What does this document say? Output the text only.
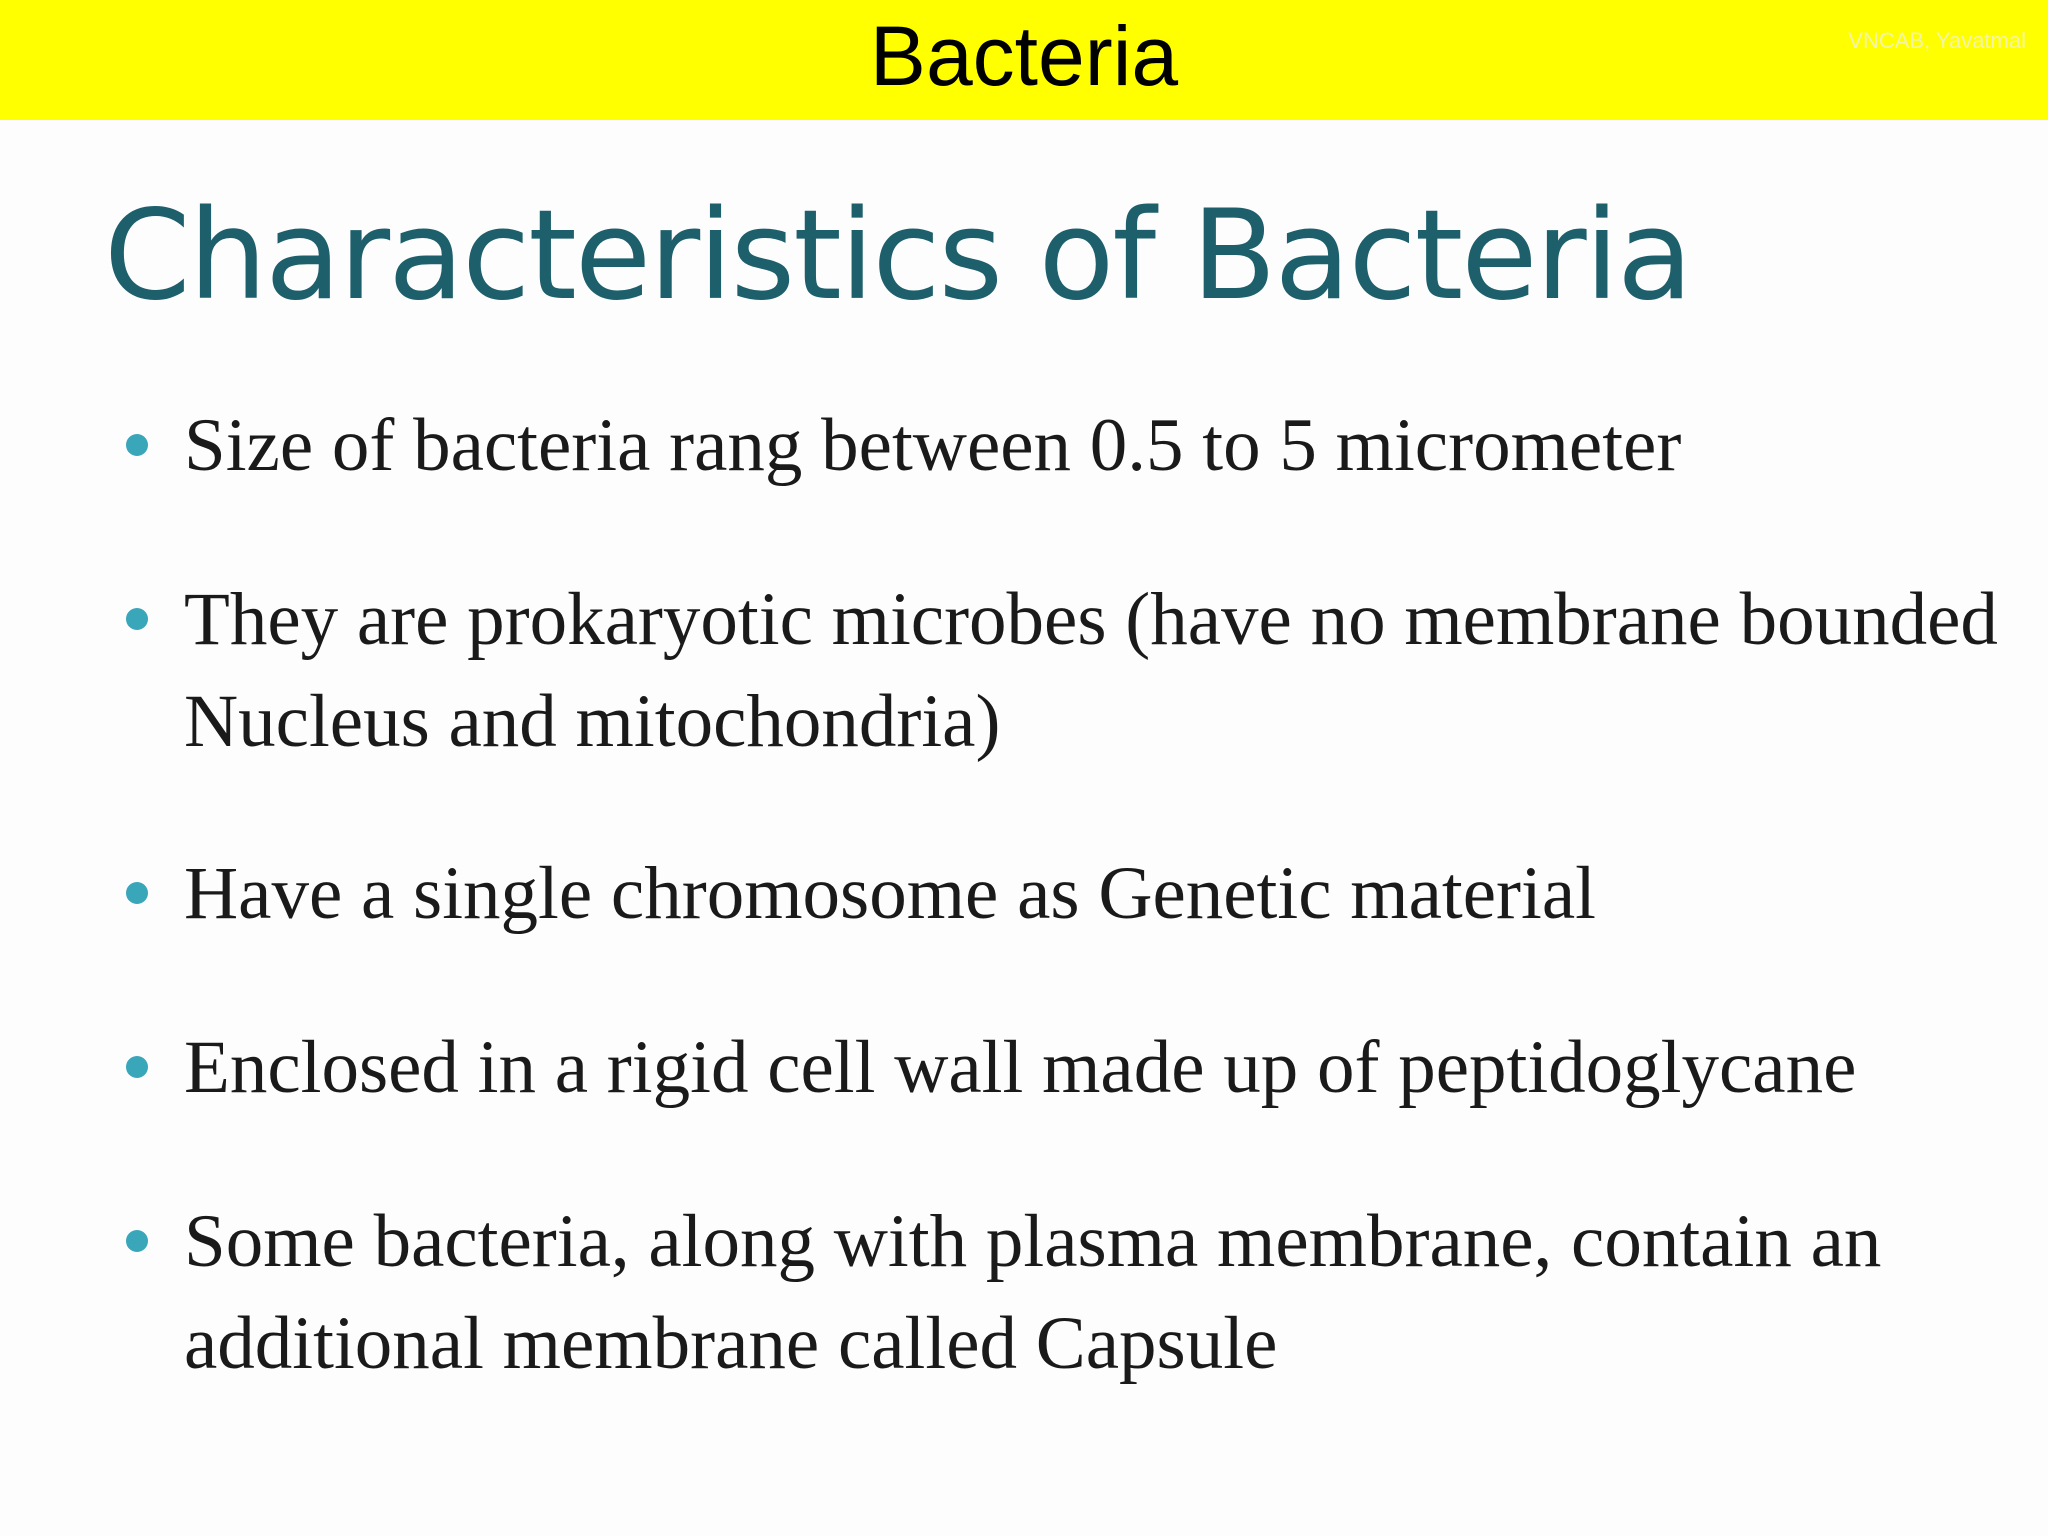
Bacteria	VNCAB, Yavatmal
Characteristics of Bacteria
Size of bacteria rang between 0.5 to 5 micrometer
They are prokaryotic microbes (have no membrane bounded Nucleus and mitochondria)
Have a single chromosome as Genetic material
Enclosed in a rigid cell wall made up of peptidoglycane
Some bacteria, along with plasma membrane, contain an additional membrane called Capsule
